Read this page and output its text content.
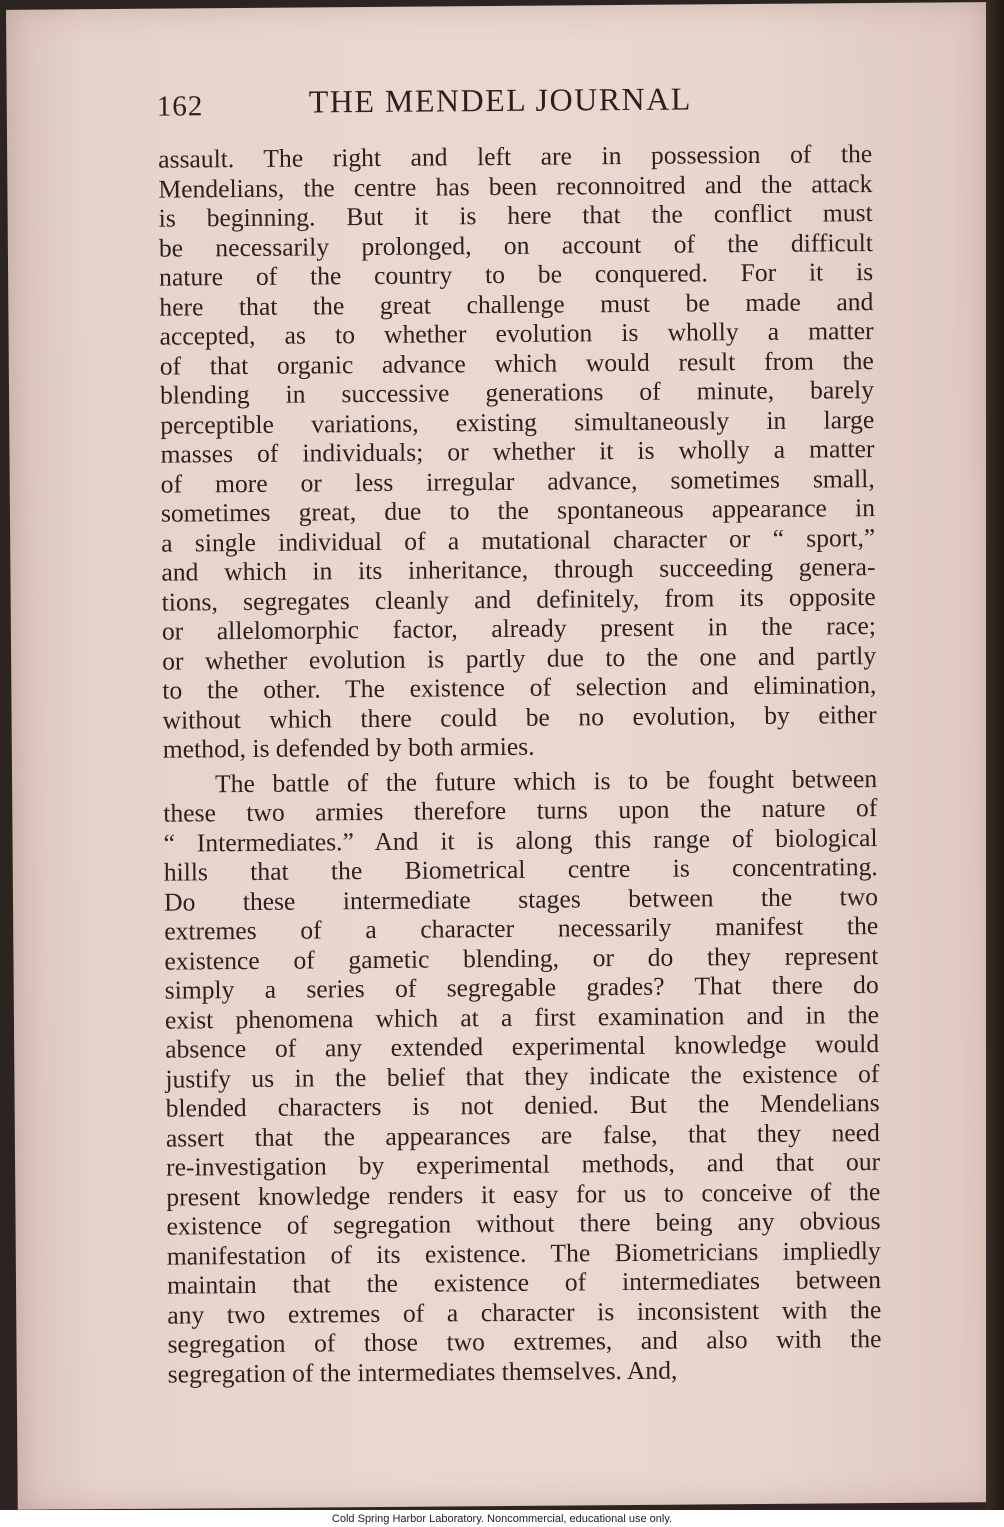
162	THE MENDEL JOURNAL
assault. The right and left are in possession of the
Mendelians, the centre has been reconnoitred and the attack
is beginning. But it is here that the conflict must
be necessarily prolonged, on account of the difficult
nature of the country to be conquered. For it is
here that the great challenge must be made and
accepted, as to whether evolution is wholly a matter
of that organic advance which would result from the
blending in successive generations of minute, barely
perceptible variations, existing simultaneously in large
masses of individuals; or whether it is wholly a matter
of more or less irregular advance, sometimes small,
sometimes great, due to the spontaneous appearance in
a single individual of a mutational character or “ sport,”
and which in its inheritance, through succeeding genera-
tions, segregates cleanly and definitely, from its opposite
or allelomorphic factor, already present in the race;
or whether evolution is partly due to the one and partly
to the other. The existence of selection and elimination,
without which there could be no evolution, by either
method, is defended by both armies.
The battle of the future which is to be fought between
these two armies therefore turns upon the nature of
“ Intermediates.” And it is along this range of biological
hills that the Biometrical centre is concentrating.
Do these intermediate stages between the two
extremes of a character necessarily manifest the
existence of gametic blending, or do they represent
simply a series of segregable grades? That there do
exist phenomena which at a first examination and in the
absence of any extended experimental knowledge would
justify us in the belief that they indicate the existence of
blended characters is not denied. But the Mendelians
assert that the appearances are false, that they need
re-investigation by experimental methods, and that our
present knowledge renders it easy for us to conceive of the
existence of segregation without there being any obvious
manifestation of its existence. The Biometricians impliedly
maintain that the existence of intermediates between
any two extremes of a character is inconsistent with the
segregation of those two extremes, and also with the
segregation of the intermediates themselves. And,
Cold Spring Harbor Laboratory. Noncommercial, educational use only.
